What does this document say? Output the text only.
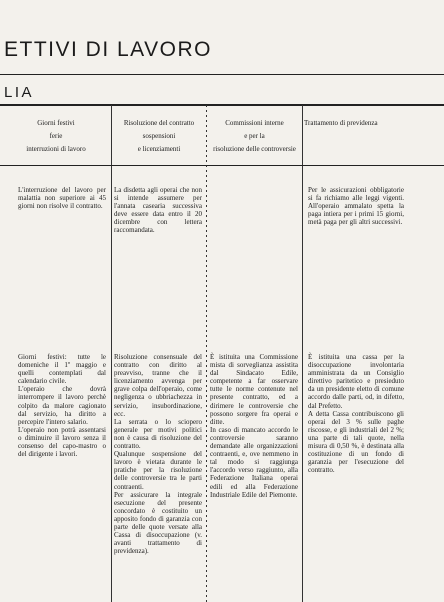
ETTIVI DI LAVORO
LIA
Giorni festivi
ferie
interruzioni di lavoro
Risoluzione del contratto
sospensioni
e licenziamenti
Commissioni interne
e per la
risoluzione delle controversie
Trattamento di previdenza

L'interruzione del lavoro per malattia non superiore ai 45 giorni non risolve il contratto.

La disdetta agli operai che non si intende assumere per l'annata casearia successiva deve essere data entro il 20 dicembre con lettera raccomandata.

Per le assicurazioni obbligatorie si fa richiamo alle leggi vigenti. All'operaio ammalato spetta la paga intiera per i primi 15 giorni, metà paga per gli altri successivi.

Giorni festivi: tutte le domeniche il 1º maggio e quelli contemplati dal calendario civile.
L'operaio che dovrà interrompere il lavoro perchè colpito da malore cagionato dal servizio, ha diritto a percepire l'intero salario.
L'operaio non potrà assentarsi o diminuire il lavoro senza il consenso del capo-mastro o del dirigente i lavori.
Risoluzione consensuale del contratto con diritto al preavviso, tranne che il licenziamento avvenga per grave colpa dell'operaio, come negligenza o ubbriachezza in servizio, insubordinazione, ecc.
La serrata o lo sciopero generale per motivi politici non è causa di risoluzione del contratto.
Qualunque sospensione del lavoro è vietata durante le pratiche per la risoluzione delle controversie tra le parti contraenti.
Per assicurare la integrale esecuzione del presente concordato è costituito un apposito fondo di garanzia con parte delle quote versate alla Cassa di disoccupazione (v. avanti trattamento di previdenza).
È istituita una Commissione mista di sorveglianza assistita dal Sindacato Edile, competente a far osservare tutte le norme contenute nel presente contratto, ed a dirimere le controversie che possono sorgere fra operai e ditte.
In caso di mancato accordo le controversie saranno demandate alle organizzazioni contraenti, e, ove nemmeno in tal modo si raggiunga l'accordo verso raggiunto, alla Federazione Italiana operai edili ed alla Federazione Industriale Edile del Piemonte.
È istituita una cassa per la disoccupazione involontaria amministrata da un Consiglio direttivo paritetico e presieduto da un presidente eletto di comune accordo dalle parti, od, in difetto, dal Prefetto.
A detta Cassa contribuiscono gli operai del 3 % sulle paghe riscosse, e gli industriali del 2 %; una parte di tali quote, nella misura di 0,50 %, è destinata alla costituzione di un fondo di garanzia per l'esecuzione del contratto.
